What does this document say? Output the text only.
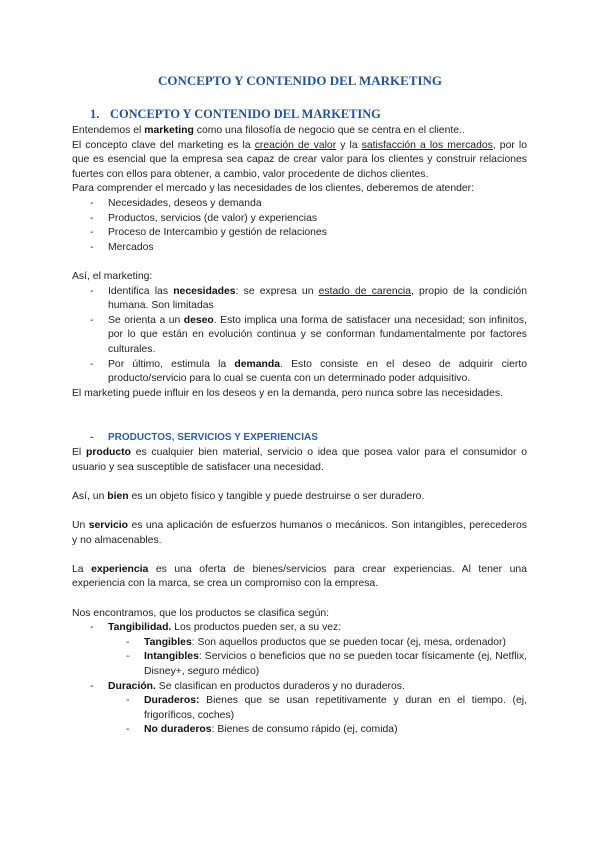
CONCEPTO Y CONTENIDO DEL MARKETING
1. CONCEPTO Y CONTENIDO DEL MARKETING

Entendemos el marketing como una filosofía de negocio que se centra en el cliente..

El concepto clave del marketing es la creación de valor y la satisfacción a los mercados, por lo que es esencial que la empresa sea capaz de crear valor para los clientes y construir relaciones fuertes con ellos para obtener, a cambio, valor procedente de dichos clientes.

Para comprender el mercado y las necesidades de los clientes, deberemos de atender:

- Necesidades, deseos y demanda
- Productos, servicios (de valor) y experiencias
- Proceso de Intercambio y gestión de relaciones
- Mercados

Así, el marketing:

- Identifica las necesidades: se expresa un estado de carencia, propio de la condición humana. Son limitadas
- Se orienta a un deseo. Esto implica una forma de satisfacer una necesidad; son infinitos, por lo que están en evolución continua y se conforman fundamentalmente por factores culturales.
- Por último, estimula la demanda. Esto consiste en el deseo de adquirir cierto producto/servicio para lo cual se cuenta con un determinado poder adquisitivo.

El marketing puede influir en los deseos y en la demanda, pero nunca sobre las necesidades.

- PRODUCTOS, SERVICIOS Y EXPERIENCIAS

El producto es cualquier bien material, servicio o idea que posea valor para el consumidor o usuario y sea susceptible de satisfacer una necesidad.

Así, un bien es un objeto físico y tangible y puede destruirse o ser duradero.

Un servicio es una aplicación de esfuerzos humanos o mecánicos. Son intangibles, perecederos y no almacenables.

La experiencia es una oferta de bienes/servicios para crear experiencias. Al tener una experiencia con la marca, se crea un compromiso con la empresa.

Nos encontramos, que los productos se clasifica según:

- Tangibilidad. Los productos pueden ser, a su vez:
- Tangibles: Son aquellos productos que se pueden tocar (ej, mesa, ordenador)
- Intangibles: Servicios o beneficios que no se pueden tocar físicamente (ej, Netflix, Disney+, seguro médico)
- Duración. Se clasifican en productos duraderos y no duraderos.
- Duraderos: Bienes que se usan repetitivamente y duran en el tiempo. (ej, frigoríficos, coches)
- No duraderos: Bienes de consumo rápido (ej, comida)
